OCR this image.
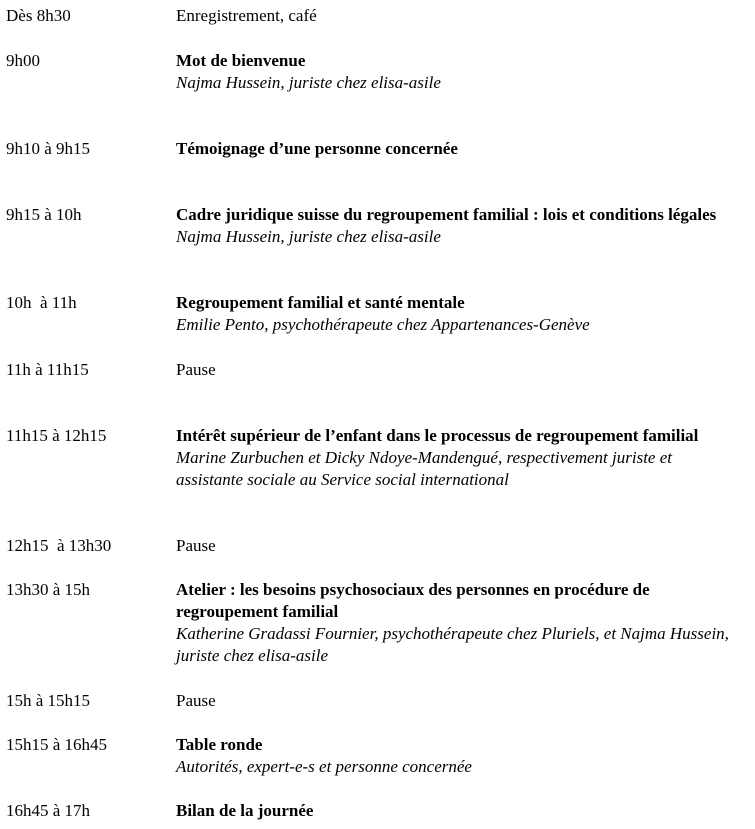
Dès 8h30	Enregistrement, café
9h00	Mot de bienvenue
Najma Hussein, juriste chez elisa-asile
9h10 à 9h15	Témoignage d’une personne concernée
9h15 à 10h	Cadre juridique suisse du regroupement familial : lois et conditions légales
Najma Hussein, juriste chez elisa-asile
10h  à 11h	Regroupement familial et santé mentale
Emilie Pento, psychothérapeute chez Appartenances-Genève
11h à 11h15	Pause
11h15 à 12h15	Intérêt supérieur de l’enfant dans le processus de regroupement familial
Marine Zurbuchen et Dicky Ndoye-Mandengué, respectivement juriste et assistante sociale au Service social international
12h15  à 13h30	Pause
13h30 à 15h	Atelier : les besoins psychosociaux des personnes en procédure de regroupement familial
Katherine Gradassi Fournier, psychothérapeute chez Pluriels, et Najma Hussein, juriste chez elisa-asile
15h à 15h15	Pause
15h15 à 16h45	Table ronde
Autorités, expert-e-s et personne concernée
16h45 à 17h	Bilan de la journée
